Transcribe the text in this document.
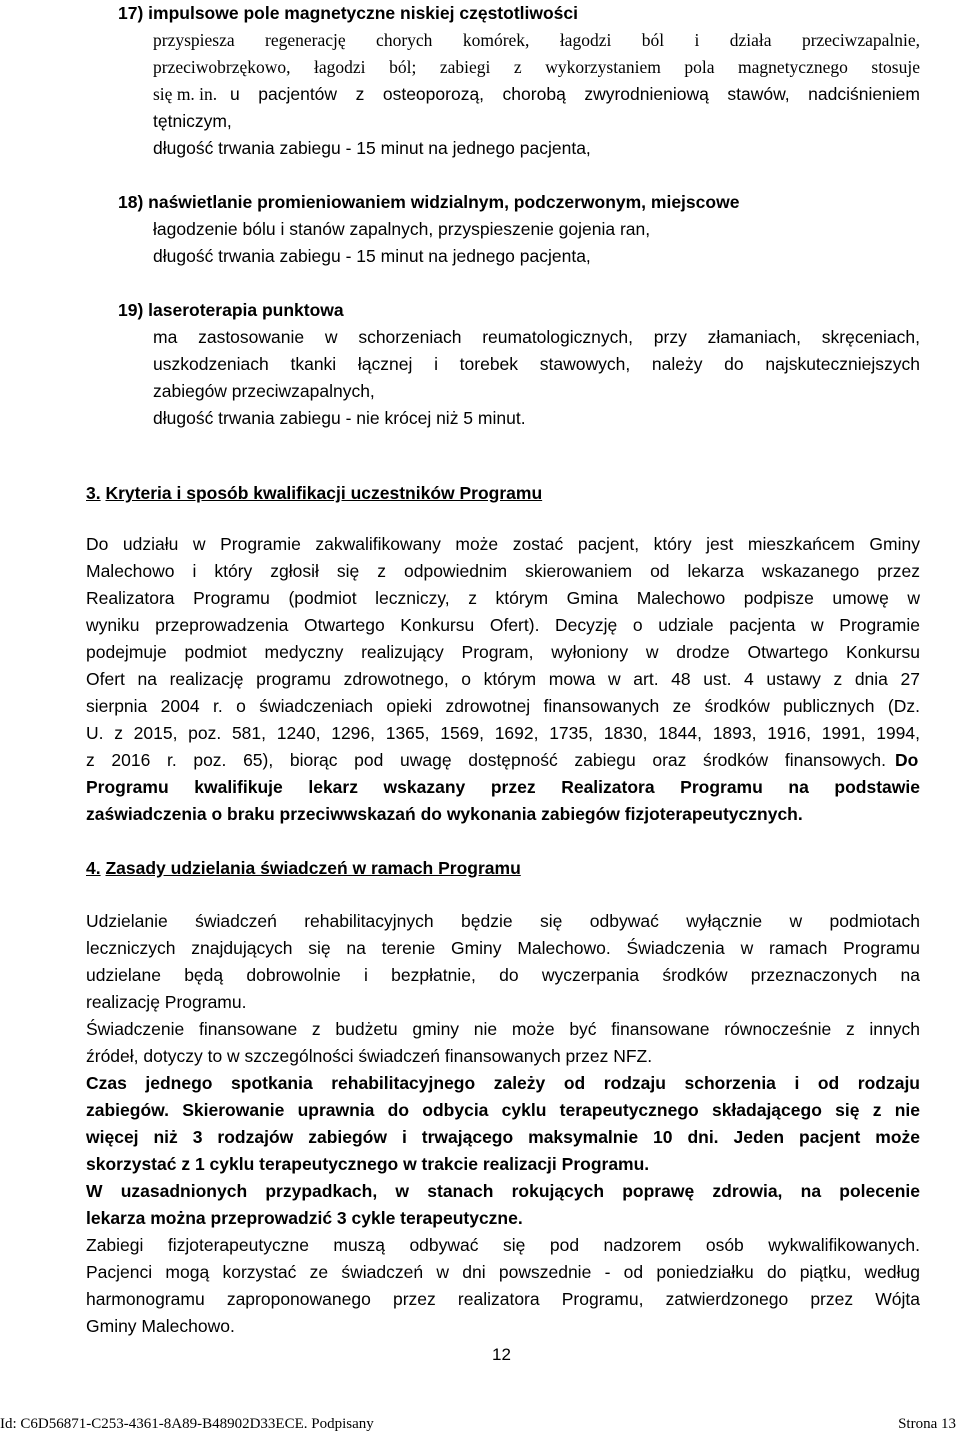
17) impulsowe pole magnetyczne niskiej częstotliwości
przyspiesza regenerację chorych komórek, łagodzi ból i działa przeciwzapalnie,
przeciwobrzękowo, łagodzi ból; zabiegi z wykorzystaniem pola magnetycznego stosuje
się m. in. u pacjentów z osteoporozą, chorobą zwyrodnieniową stawów, nadciśnieniem
tętniczym,
długość trwania zabiegu - 15 minut na jednego pacjenta,
18) naświetlanie promieniowaniem widzialnym, podczerwonym, miejscowe
łagodzenie bólu i stanów zapalnych, przyspieszenie gojenia ran,
długość trwania zabiegu - 15 minut na jednego pacjenta,
19) laseroterapia punktowa
ma zastosowanie w schorzeniach reumatologicznych, przy złamaniach, skręceniach,
uszkodzeniach tkanki łącznej i torebek stawowych, należy do najskuteczniejszych
zabiegów przeciwzapalnych,
długość trwania zabiegu - nie krócej niż 5 minut.
3. Kryteria i sposób kwalifikacji uczestników Programu
Do udziału w Programie zakwalifikowany może zostać pacjent, który jest mieszkańcem Gminy
Malechowo i który zgłosił się z odpowiednim skierowaniem od lekarza wskazanego przez
Realizatora Programu (podmiot leczniczy, z którym Gmina Malechowo podpisze umowę w
wyniku przeprowadzenia Otwartego Konkursu Ofert). Decyzję o udziale pacjenta w Programie
podejmuje podmiot medyczny realizujący Program, wyłoniony w drodze Otwartego Konkursu
Ofert na realizację programu zdrowotnego, o którym mowa w art. 48 ust. 4 ustawy z dnia 27
sierpnia 2004 r. o świadczeniach opieki zdrowotnej finansowanych ze środków publicznych (Dz.
U. z 2015, poz. 581, 1240, 1296, 1365, 1569, 1692, 1735, 1830, 1844, 1893, 1916, 1991, 1994,
z 2016 r. poz. 65), biorąc pod uwagę dostępność zabiegu oraz środków finansowych. Do
Programu kwalifikuje lekarz wskazany przez Realizatora Programu na podstawie
zaświadczenia o braku przeciwwskazań do wykonania zabiegów fizjoterapeutycznych.
4. Zasady udzielania świadczeń w ramach Programu
Udzielanie świadczeń rehabilitacyjnych będzie się odbywać wyłącznie w podmiotach
leczniczych znajdujących się na terenie Gminy Malechowo. Świadczenia w ramach Programu
udzielane będą dobrowolnie i bezpłatnie, do wyczerpania środków przeznaczonych na
realizację Programu.
Świadczenie finansowane z budżetu gminy nie może być finansowane równocześnie z innych
źródeł, dotyczy to w szczególności świadczeń finansowanych przez NFZ.
Czas jednego spotkania rehabilitacyjnego zależy od rodzaju schorzenia i od rodzaju
zabiegów. Skierowanie uprawnia do odbycia cyklu terapeutycznego składającego się z nie
więcej niż 3 rodzajów zabiegów i trwającego maksymalnie 10 dni. Jeden pacjent może
skorzystać z 1 cyklu terapeutycznego w trakcie realizacji Programu.
W uzasadnionych przypadkach, w stanach rokujących poprawę zdrowia, na polecenie
lekarza można przeprowadzić 3 cykle terapeutyczne.
Zabiegi fizjoterapeutyczne muszą odbywać się pod nadzorem osób wykwalifikowanych.
Pacjenci mogą korzystać ze świadczeń w dni powszednie - od poniedziałku do piątku, według
harmonogramu zaproponowanego przez realizatora Programu, zatwierdzonego przez Wójta
Gminy Malechowo.
12
Id: C6D56871-C253-4361-8A89-B48902D33ECE. Podpisany	Strona 13
